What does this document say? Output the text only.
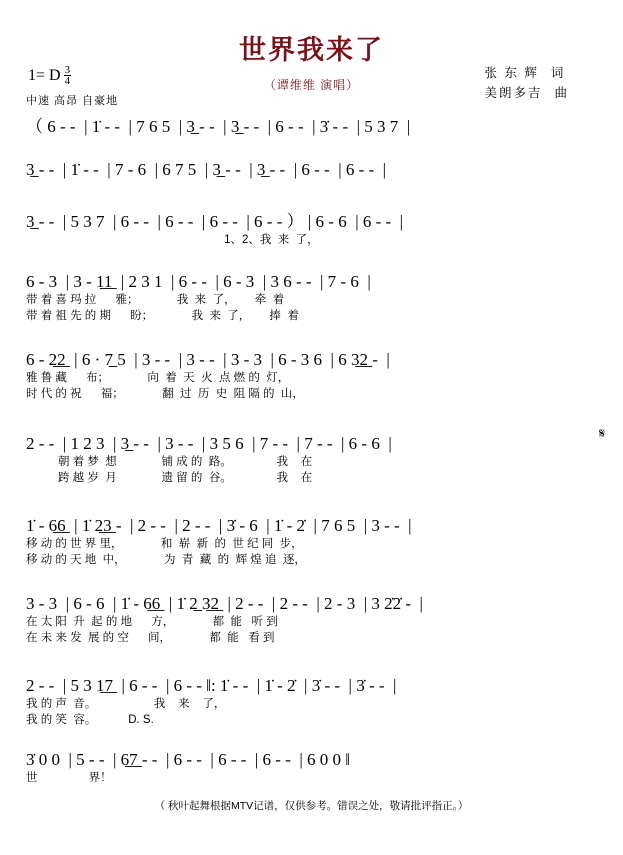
世界我来了
（谭维维 演唱）
1= D $\frac{3}{4}$
中速 高昂 自豪地
张 东 辉 词
美朗多吉 曲
（ 6 - -  | 1̇ - -  | 7 6 5  | 3̲ - -  | 3̲ - -  | 6 - -  | 3̇ - -  | 5 3 7  |
3̲ - -  | 1̇ - -  | 7 - 6  | 6 7 5  | 3̲ - -  | 3̲ - -  | 6 - -  | 6 - -  |
3̲ - -  | 5 3 7  | 6 - -  | 6 - -  | 6 - -  | 6 - - ） | 6 - 6  | 6 - -  |
1、2、我  来  了，
6 - 3  | 3 - 1̲1̲  | 2 3 1  | 6 - -  | 6 - 3  | 3 6 - -  | 7 - 6  |
带 着 喜 玛 拉      雅；            我  来  了，      牵  着
带 着 祖 先 的 期      盼；            我  来  了，      捧  着
6 - 2̲2̲  | 6 · 7̲ 5  | 3 - -  | 3 - -  | 3 - 3  | 6 - 3 6  | 6 3̲2̲ -  |
雅 鲁 藏      布；            向  着  天  火  点 燃 的  灯，
时 代 的 祝      福；            翻  过  历  史  阻 隔 的  山，
2 - -  | 1 2 3  | 3̲ - -  | 3 - -  | 3 5 6  | 7 - -  | 7 - -  | 6 - 6  |
朝 着 梦  想              铺 成 的  路。              我    在
跨 越 岁  月              遗 留 的  谷。              我    在
𝄋
1̇ - 6̲6̲  | 1̇ 2̲3̲ -  | 2 - -  | 2 - -  | 3̇ - 6  | 1̇ - 2̇  | 7 6 5  | 3 - -  |
移 动 的 世 界 里，            和  崭  新  的  世 纪 同  步，
移 动 的 天 地  中，            为  青  藏  的  辉 煌 追  逐，
3 - 3  | 6 - 6  | 1̇ - 6̲6̲  | 1̇ 2̲ 3̲2̲  | 2 - -  | 2 - -  | 2 - 3  | 3 2̇2̇ -  |
在 太 阳  升  起 的 地      方，            都  能   听 到
在 未 来 发  展 的 空      间，            都  能   看 到
2 - -  | 5 3 1̲7̲  | 6 - -  | 6 - - ‖: 1̇ - -  | 1̇ - 2̇  | 3̇ - -  | 3̇ - -  |
我 的 声  音。                  我    来    了，
我 的 笑  容。          D. S.
3̇ 0 0  | 5 - -  | 6̲7̲ - -  | 6 - -  | 6 - -  | 6 - -  | 6 0 0 ‖
世                界！
（ 秋叶起舞根据MTV记谱，仅供参考。错误之处，敬请批评指正。）
